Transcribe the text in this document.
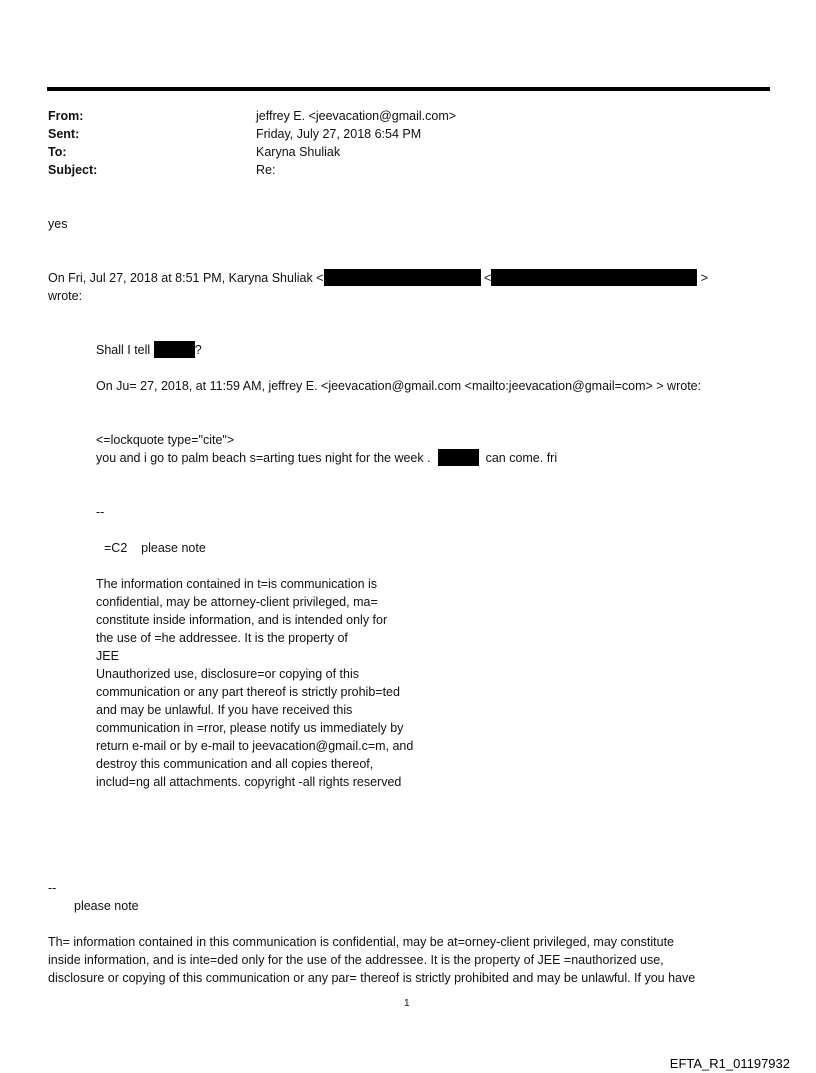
From:	jeffrey E. <jeevacation@gmail.com>
Sent:	Friday, July 27, 2018 6:54 PM
To:	Karyna Shuliak
Subject:	Re:
yes
On Fri, Jul 27, 2018 at 8:51 PM, Karyna Shuliak <	<	>
wrote:
Shall I tell	?
On Ju= 27, 2018, at 11:59 AM, jeffrey E. <jeevacation@gmail.com <mailto:jeevacation@gmail=com> > wrote:
<=lockquote type="cite">
you and i go to palm beach s=arting tues night for the week .	can come. fri
--
=C2    please note
The information contained in t=is communication is
confidential, may be attorney-client privileged, ma=
constitute inside information, and is intended only for
the use of =he addressee. It is the property of
JEE
Unauthorized use, disclosure=or copying of this
communication or any part thereof is strictly prohib=ted
and may be unlawful. If you have received this
communication in =rror, please notify us immediately by
return e-mail or by e-mail to jeevacation@gmail.c=m, and
destroy this communication and all copies thereof,
includ=ng all attachments. copyright -all rights reserved
--
please note
Th= information contained in this communication is confidential, may be at=orney-client privileged, may constitute
inside information, and is inte=ded only for the use of the addressee. It is the property of JEE =nauthorized use,
disclosure or copying of this communication or any par= thereof is strictly prohibited and may be unlawful. If you have
1
EFTA_R1_01197932
